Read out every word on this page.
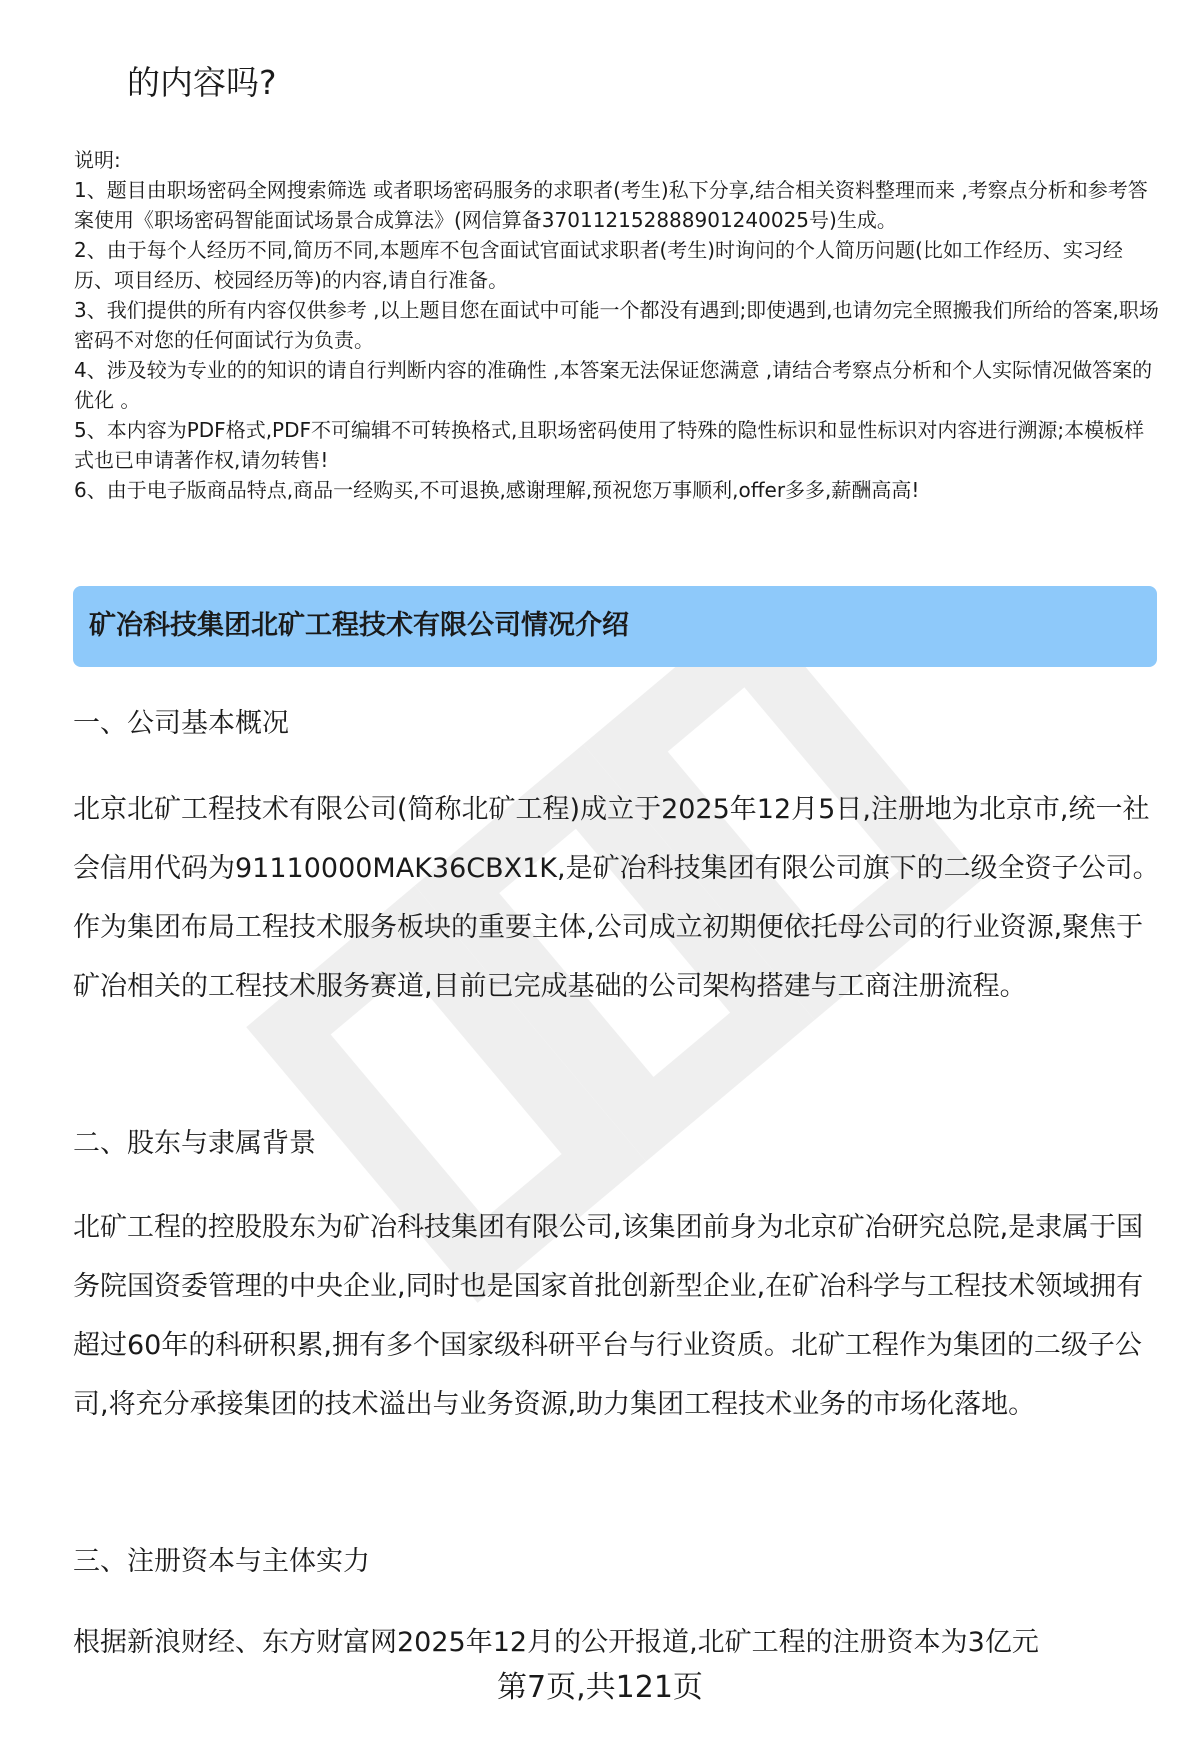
的内容吗?

说明:

1、题目由职场密码全网搜索筛选 或者职场密码服务的求职者(考生)私下分享,结合相关资料整理而来 ,考察点分析和参考答案使用《职场密码智能面试场景合成算法》(网信算备370112152888901240025号)生成。

2、由于每个人经历不同,简历不同,本题库不包含面试官面试求职者(考生)时询问的个人简历问题(比如工作经历、实习经历、项目经历、校园经历等)的内容,请自行准备。

3、我们提供的所有内容仅供参考 ,以上题目您在面试中可能一个都没有遇到;即使遇到,也请勿完全照搬我们所给的答案,职场密码不对您的任何面试行为负责。

4、涉及较为专业的的知识的请自行判断内容的准确性 ,本答案无法保证您满意 ,请结合考察点分析和个人实际情况做答案的优化 。

5、本内容为PDF格式,PDF不可编辑不可转换格式,且职场密码使用了特殊的隐性标识和显性标识对内容进行溯源;本模板样式也已申请著作权,请勿转售!

6、由于电子版商品特点,商品一经购买,不可退换,感谢理解,预祝您万事顺利,offer多多,薪酬高高!

矿冶科技集团北矿工程技术有限公司情况介绍
一、公司基本概况

北京北矿工程技术有限公司(简称北矿工程)成立于2025年12月5日,注册地为北京市,统一社会信用代码为91110000MAK36CBX1K,是矿冶科技集团有限公司旗下的二级全资子公司。作为集团布局工程技术服务板块的重要主体,公司成立初期便依托母公司的行业资源,聚焦于矿冶相关的工程技术服务赛道,目前已完成基础的公司架构搭建与工商注册流程。

二、股东与隶属背景

北矿工程的控股股东为矿冶科技集团有限公司,该集团前身为北京矿冶研究总院,是隶属于国务院国资委管理的中央企业,同时也是国家首批创新型企业,在矿冶科学与工程技术领域拥有超过60年的科研积累,拥有多个国家级科研平台与行业资质。北矿工程作为集团的二级子公司,将充分承接集团的技术溢出与业务资源,助力集团工程技术业务的市场化落地。

三、注册资本与主体实力

根据新浪财经、东方财富网2025年12月的公开报道,北矿工程的注册资本为3亿元

第7页,共121页
